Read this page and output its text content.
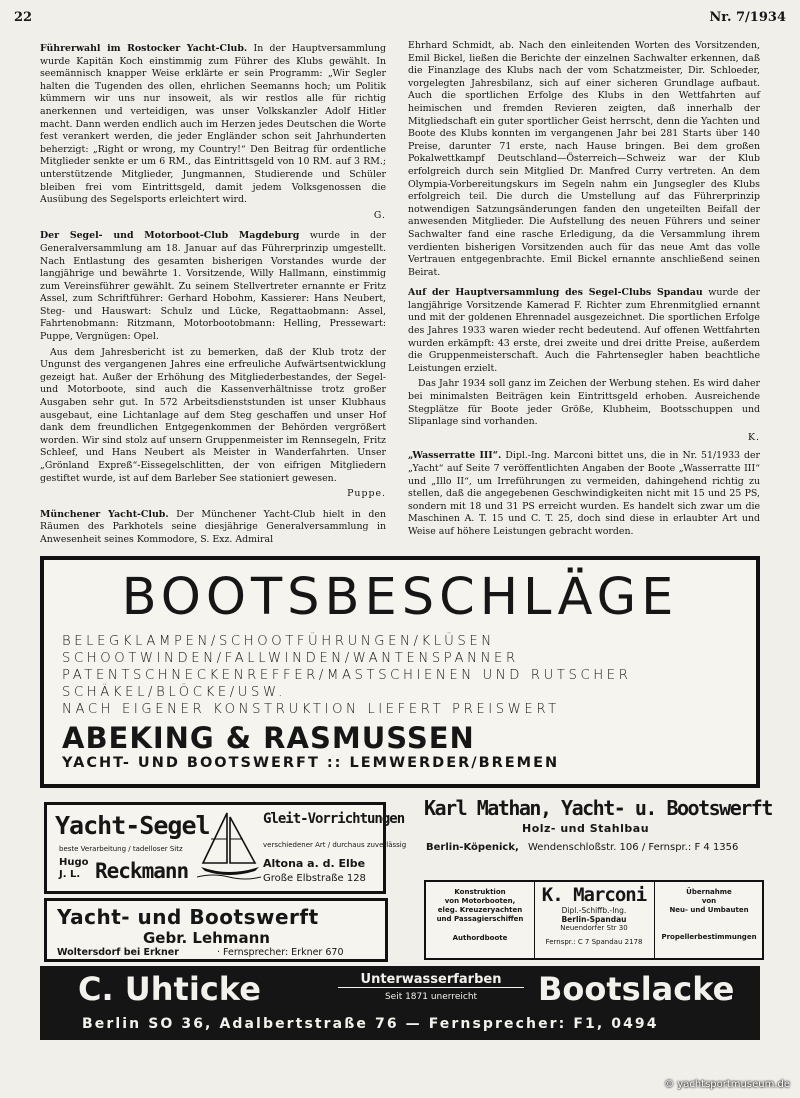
22	Nr. 7/1934

Führerwahl im Rostocker Yacht-Club. In der Hauptversammlung wurde Kapitän Koch einstimmig zum Führer des Klubs gewählt. In seemännisch knapper Weise erklärte er sein Programm: „Wir Segler halten die Tugenden des ollen, ehrlichen Seemanns hoch; um Politik kümmern wir uns nur insoweit, als wir restlos alle für richtig anerkennen und verteidigen, was unser Volkskanzler Adolf Hitler macht. Dann werden endlich auch im Herzen jedes Deutschen die Worte fest verankert werden, die jeder Engländer schon seit Jahrhunderten beherzigt: „Right or wrong, my Country!“ Den Beitrag für ordentliche Mitglieder senkte er um 6 RM., das Eintrittsgeld von 10 RM. auf 3 RM.; unterstützende Mitglieder, Jungmannen, Studierende und Schüler bleiben frei vom Eintrittsgeld, damit jedem Volksgenossen die Ausübung des Segelsports erleichtert wird.

G.

Der Segel- und Motorboot-Club Magdeburg wurde in der Generalversammlung am 18. Januar auf das Führerprinzip umgestellt. Nach Entlastung des gesamten bisherigen Vorstandes wurde der langjährige und bewährte 1. Vorsitzende, Willy Hallmann, einstimmig zum Vereinsführer gewählt. Zu seinem Stellvertreter ernannte er Fritz Assel, zum Schriftführer: Gerhard Hobohm, Kassierer: Hans Neubert, Steg- und Hauswart: Schulz und Lücke, Regattaobmann: Assel, Fahrtenobmann: Ritzmann, Motorbootobmann: Helling, Pressewart: Puppe, Vergnügen: Opel.

Aus dem Jahresbericht ist zu bemerken, daß der Klub trotz der Ungunst des vergangenen Jahres eine erfreuliche Aufwärtsentwicklung gezeigt hat. Außer der Erhöhung des Mitgliederbestandes, der Segel- und Motorboote, sind auch die Kassenverhältnisse trotz großer Ausgaben sehr gut. In 572 Arbeitsdienststunden ist unser Klubhaus ausgebaut, eine Lichtanlage auf dem Steg geschaffen und unser Hof dank dem freundlichen Entgegenkommen der Behörden vergrößert worden. Wir sind stolz auf unsern Gruppenmeister im Rennsegeln, Fritz Schleef, und Hans Neubert als Meister in Wanderfahrten. Unser „Grönland Expreß“-Eissegelschlitten, der von eifrigen Mitgliedern gestiftet wurde, ist auf dem Barleber See stationiert gewesen.

Puppe.

Münchener Yacht-Club. Der Münchener Yacht-Club hielt in den Räumen des Parkhotels seine diesjährige Generalversammlung in Anwesenheit seines Kommodore, S. Exz. Admiral

Ehrhard Schmidt, ab. Nach den einleitenden Worten des Vorsitzenden, Emil Bickel, ließen die Berichte der einzelnen Sachwalter erkennen, daß die Finanzlage des Klubs nach der vom Schatzmeister, Dir. Schloeder, vorgelegten Jahresbilanz, sich auf einer sicheren Grundlage aufbaut. Auch die sportlichen Erfolge des Klubs in den Wettfahrten auf heimischen und fremden Revieren zeigten, daß innerhalb der Mitgliedschaft ein guter sportlicher Geist herrscht, denn die Yachten und Boote des Klubs konnten im vergangenen Jahr bei 281 Starts über 140 Preise, darunter 71 erste, nach Hause bringen. Bei dem großen Pokalwettkampf Deutschland—Österreich—Schweiz war der Klub erfolgreich durch sein Mitglied Dr. Manfred Curry vertreten. An dem Olympia-Vorbereitungskurs im Segeln nahm ein Jungsegler des Klubs erfolgreich teil. Die durch die Umstellung auf das Führerprinzip notwendigen Satzungsänderungen fanden den ungeteilten Beifall der anwesenden Mitglieder. Die Aufstellung des neuen Führers und seiner Sachwalter fand eine rasche Erledigung, da die Versammlung ihrem verdienten bisherigen Vorsitzenden auch für das neue Amt das volle Vertrauen entgegenbrachte. Emil Bickel ernannte anschließend seinen Beirat.

Auf der Hauptversammlung des Segel-Clubs Spandau wurde der langjährige Vorsitzende Kamerad F. Richter zum Ehrenmitglied ernannt und mit der goldenen Ehrennadel ausgezeichnet. Die sportlichen Erfolge des Jahres 1933 waren wieder recht bedeutend. Auf offenen Wettfahrten wurden erkämpft: 43 erste, drei zweite und drei dritte Preise, außerdem die Gruppenmeisterschaft. Auch die Fahrtensegler haben beachtliche Leistungen erzielt.

Das Jahr 1934 soll ganz im Zeichen der Werbung stehen. Es wird daher bei minimalsten Beiträgen kein Eintrittsgeld erhoben. Ausreichende Stegplätze für Boote jeder Größe, Klubheim, Bootsschuppen und Slipanlage sind vorhanden.

K.

„Wasserratte III“. Dipl.-Ing. Marconi bittet uns, die in Nr. 51/1933 der „Yacht“ auf Seite 7 veröffentlichten Angaben der Boote „Wasserratte III“ und „Illo II“, um Irreführungen zu vermeiden, dahingehend richtig zu stellen, daß die angegebenen Geschwindigkeiten nicht mit 15 und 25 PS, sondern mit 18 und 31 PS erreicht wurden. Es handelt sich zwar um die Maschinen A. T. 15 und C. T. 25, doch sind diese in erlaubter Art und Weise auf höhere Leistungen gebracht worden.

BOOTSBESCHLÄGE
BELEGKLAMPEN/SCHOOTFÜHRUNGEN/KLÜSEN
SCHOOTWINDEN/FALLWINDEN/WANTENSPANNER
PATENTSCHNECKENREFFER/MASTSCHIENEN UND RUTSCHER
SCHÄKEL/BLÖCKE/USW.
NACH EIGENER KONSTRUKTION LIEFERT PREISWERT
ABEKING & RASMUSSEN
YACHT- UND BOOTSWERFT :: LEMWERDER/BREMEN
Yacht-Segel
beste Verarbeitung / tadelloser Sitz
Hugo
J. L. Reckmann
Gleit-Vorrichtungen
verschiedener Art / durchaus zuverlässig
Altona a. d. Elbe
Große Elbstraße 128
Karl Mathan, Yacht- u. Bootswerft
Holz- und Stahlbau
Berlin-Köpenick, Wendenschloßstr. 106 / Fernspr.: F 4 1356
Yacht- und Bootswerft
Gebr. Lehmann
Woltersdorf bei Erkner	· Fernsprecher: Erkner 670
Konstruktion
von Motorbooten,
eleg. Kreuzeryachten
und Passagierschiffen
Authordboote
K. Marconi
Dipl.-Schiffb.-Ing.
Berlin-Spandau
Neuendorfer Str 30
Fernspr.: C 7 Spandau 2178
Übernahme
von
Neu- und Umbauten
Propellerbestimmungen
C. Uhticke	Unterwasserfarben
Seit 1871 unerreicht	Bootslacke
Berlin SO 36, Adalbertstraße 76 — Fernsprecher: F1, 0494
© yachtsportmuseum.de
